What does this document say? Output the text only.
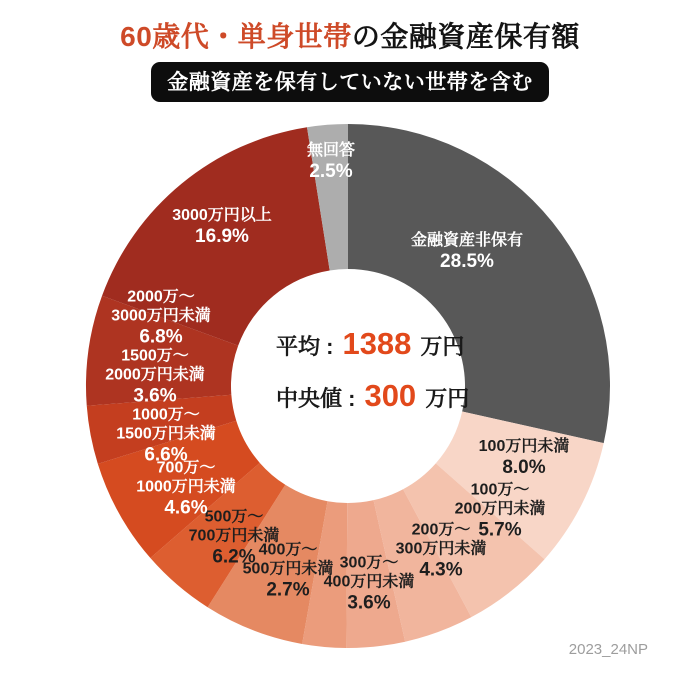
60歳代・単身世帯の金融資産保有額
金融資産を保有していない世帯を含む
金融資産非保有
28.5%
100万円未満
8.0%
100万〜
200万円未満
5.7%
200万〜
300万円未満
4.3%
300万〜
400万円未満
3.6%
400万〜
500万円未満
2.7%
500万〜
700万円未満
6.2%
700万〜
1000万円未満
4.6%
1000万〜
1500万円未満
6.6%
1500万〜
2000万円未満
3.6%
2000万〜
3000万円未満
6.8%
3000万円以上
16.9%
無回答
2.5%
平均 : 1388 万円
中央値 : 300 万円
2023_24NP
